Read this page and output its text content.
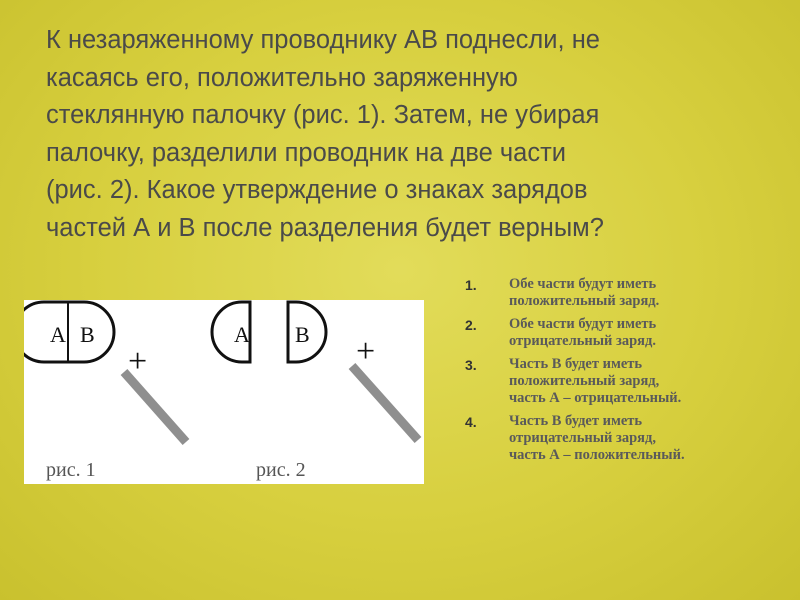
К незаряженному проводнику АВ поднесли, не
касаясь его, положительно заряженную
стеклянную палочку (рис. 1). Затем, не убирая
палочку, разделили проводник на две части
(рис. 2). Какое утверждение о знаках зарядов
частей А и В после разделения будет верным?

A B
+
рис. 1
A B +
рис. 2
1.	Обе части будут иметь
положительный заряд.
2.	Обе части будут иметь
отрицательный заряд.
3.	Часть В будет иметь
положительный заряд,
часть А – отрицательный.
4.	Часть В будет иметь
отрицательный заряд,
часть А – положительный.
